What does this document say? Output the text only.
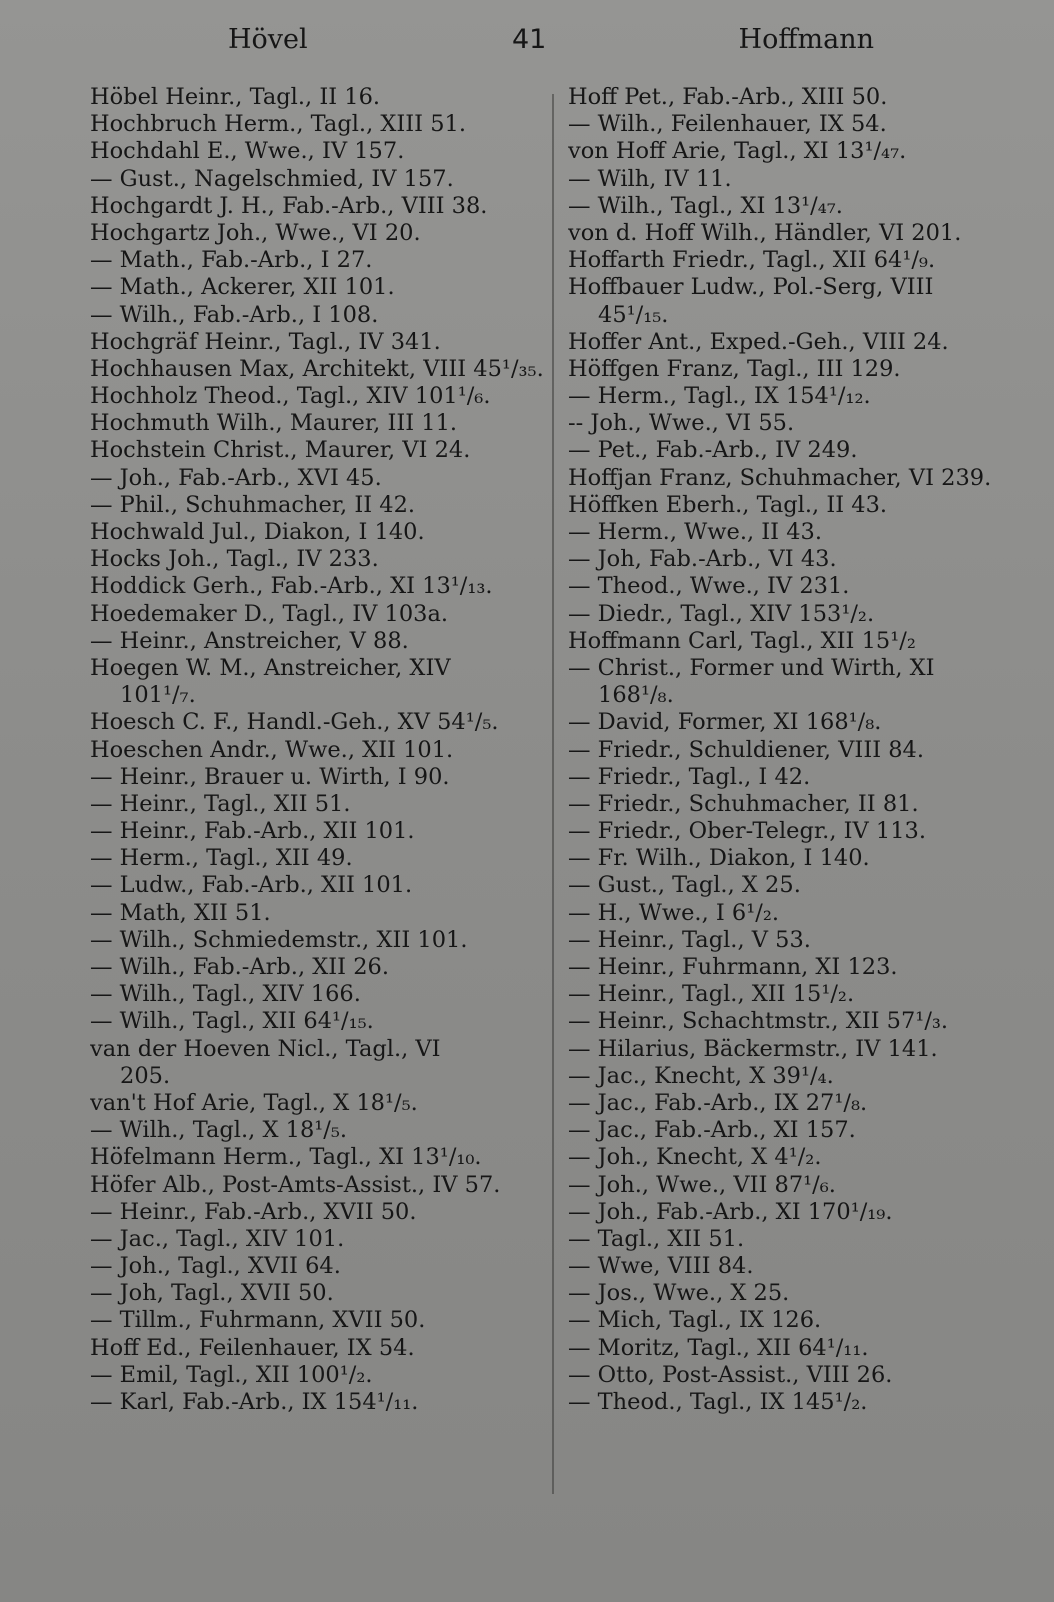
Hövel	41	Hoffmann
Höbel Heinr., Tagl., II 16.
Hochbruch Herm., Tagl., XIII 51.
Hochdahl E., Wwe., IV 157.
— Gust., Nagelschmied, IV 157.
Hochgardt J. H., Fab.-Arb., VIII 38.
Hochgartz Joh., Wwe., VI 20.
— Math., Fab.-Arb., I 27.
— Math., Ackerer, XII 101.
— Wilh., Fab.-Arb., I 108.
Hochgräf Heinr., Tagl., IV 341.
Hochhausen Max, Architekt, VIII 45¹/₃₅.
Hochholz Theod., Tagl., XIV 101¹/₆.
Hochmuth Wilh., Maurer, III 11.
Hochstein Christ., Maurer, VI 24.
— Joh., Fab.-Arb., XVI 45.
— Phil., Schuhmacher, II 42.
Hochwald Jul., Diakon, I 140.
Hocks Joh., Tagl., IV 233.
Hoddick Gerh., Fab.-Arb., XI 13¹/₁₃.
Hoedemaker D., Tagl., IV 103a.
— Heinr., Anstreicher, V 88.
Hoegen W. M., Anstreicher, XIV
101¹/₇.
Hoesch C. F., Handl.-Geh., XV 54¹/₅.
Hoeschen Andr., Wwe., XII 101.
— Heinr., Brauer u. Wirth, I 90.
— Heinr., Tagl., XII 51.
— Heinr., Fab.-Arb., XII 101.
— Herm., Tagl., XII 49.
— Ludw., Fab.-Arb., XII 101.
— Math, XII 51.
— Wilh., Schmiedemstr., XII 101.
— Wilh., Fab.-Arb., XII 26.
— Wilh., Tagl., XIV 166.
— Wilh., Tagl., XII 64¹/₁₅.
van der Hoeven Nicl., Tagl., VI
205.
van't Hof Arie, Tagl., X 18¹/₅.
— Wilh., Tagl., X 18¹/₅.
Höfelmann Herm., Tagl., XI 13¹/₁₀.
Höfer Alb., Post-Amts-Assist., IV 57.
— Heinr., Fab.-Arb., XVII 50.
— Jac., Tagl., XIV 101.
— Joh., Tagl., XVII 64.
— Joh, Tagl., XVII 50.
— Tillm., Fuhrmann, XVII 50.
Hoff Ed., Feilenhauer, IX 54.
— Emil, Tagl., XII 100¹/₂.
— Karl, Fab.-Arb., IX 154¹/₁₁.
Hoff Pet., Fab.-Arb., XIII 50.
— Wilh., Feilenhauer, IX 54.
von Hoff Arie, Tagl., XI 13¹/₄₇.
— Wilh, IV 11.
— Wilh., Tagl., XI 13¹/₄₇.
von d. Hoff Wilh., Händler, VI 201.
Hoffarth Friedr., Tagl., XII 64¹/₉.
Hoffbauer Ludw., Pol.-Serg, VIII
45¹/₁₅.
Hoffer Ant., Exped.-Geh., VIII 24.
Höffgen Franz, Tagl., III 129.
— Herm., Tagl., IX 154¹/₁₂.
-- Joh., Wwe., VI 55.
— Pet., Fab.-Arb., IV 249.
Hoffjan Franz, Schuhmacher, VI 239.
Höffken Eberh., Tagl., II 43.
— Herm., Wwe., II 43.
— Joh, Fab.-Arb., VI 43.
— Theod., Wwe., IV 231.
— Diedr., Tagl., XIV 153¹/₂.
Hoffmann Carl, Tagl., XII 15¹/₂
— Christ., Former und Wirth, XI
168¹/₈.
— David, Former, XI 168¹/₈.
— Friedr., Schuldiener, VIII 84.
— Friedr., Tagl., I 42.
— Friedr., Schuhmacher, II 81.
— Friedr., Ober-Telegr., IV 113.
— Fr. Wilh., Diakon, I 140.
— Gust., Tagl., X 25.
— H., Wwe., I 6¹/₂.
— Heinr., Tagl., V 53.
— Heinr., Fuhrmann, XI 123.
— Heinr., Tagl., XII 15¹/₂.
— Heinr., Schachtmstr., XII 57¹/₃.
— Hilarius, Bäckermstr., IV 141.
— Jac., Knecht, X 39¹/₄.
— Jac., Fab.-Arb., IX 27¹/₈.
— Jac., Fab.-Arb., XI 157.
— Joh., Knecht, X 4¹/₂.
— Joh., Wwe., VII 87¹/₆.
— Joh., Fab.-Arb., XI 170¹/₁₉.
— Tagl., XII 51.
— Wwe, VIII 84.
— Jos., Wwe., X 25.
— Mich, Tagl., IX 126.
— Moritz, Tagl., XII 64¹/₁₁.
— Otto, Post-Assist., VIII 26.
— Theod., Tagl., IX 145¹/₂.
